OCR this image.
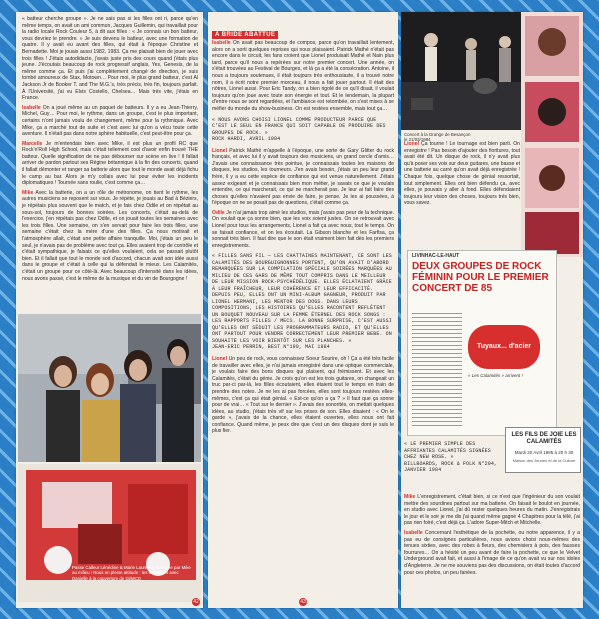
« batteur cherche groupe ». Je ne sais pas si les filles ont ri, parce qu'en même temps, on avait un ami commun, Jacques Guillemin, qui travaillait pour la radio locale Rock Couleur 5, à dit aux filles : « Je connais un bon batteur, vous devriez le prendre. » Je suis devenu le batteur, avec une formation de quatre. Il y avait eu avant des filles, qui était à l'époque Christine et Bernadette. Moi je jouais aussi 1982, 1983. Ça me plaisait bien de jouer avec trois filles ! J'étais autodidacte, j'avais juste pris des cours quand j'étais plus jeune. J'écoutais beaucoup de rock progressif anglais, Yes, Genesis, de la même comme ça. Et puis j'ai complètement changé de direction, je suis tombé amoureux de Stax, Motown… Pour moi, le plus grand batteur, c'est Al Jackson Jr de Booker T. and The M.G.'s, très précis, très fin, toujours parfait. À l'Université, j'ai vu Elvis Costello, Chelsea… Mais très vite, j'étais en France.

Isabelle On a joué même au un paquet de batteurs. Il y a eu Jean-Thierry, Michel, Guy… Pour moi, le rythme, dans un groupe, c'est le plus important, certains n'ont jamais voulu de changement, même pour la rythmique. Avec Mike, ça a marché tout de suite et c'est avec lui qu'on a vécu toute cette aventure. Il n'était pas dans notre sphère habituelle, c'est peut-être pour ça.

Marcelle Je m'entendais bien avec Mike, il est plus un profil RC que Rock'n'Roll High School, mais c'était tellement cool d'avoir enfin trouvé THE batteur. Quelle signification de ne pas débourser sur scène en live ! Il fallait arriver de pardon partout ses Régine britannique à la fin des concerts, quand il fallait démonter et ranger sa batterie alors que tout le monde avait déjà fichu le camp au bar. Alors je m'y collais avec lui pour éviter les incidents diplomatiques ! Tournée sans roulie, c'est comme ça…

Mike Avec la batterie, on a un rôle de métronome, on tient le rythme, les autres musiciens se reposent sur vous. Je répète, je jouais au Bad à Béziers, je répétais plus souvent que le match, et je fais chez Odile et on répétait au sous-sol, toujours de bonnes soirées. Les concerts, c'était au-delà de l'exercice, j'en répétais pas chez Odile, et on jouait toutes les semaines avec les trois filles. Une semaine, on s'en servait pour faire les trois filles, une semaine c'était chez la mère d'une des filles. Ça nous motivait et l'atmosphère allait, c'était une petite affaire tranquille. Moi, j'étais un peu le seul, je n'avais pas de problème avec tout ça. Elles avaient trop de contrôle et c'était sympathique, je faisais ce qu'elles voulaient, cela se passait plutôt bien. Et il fallait que tout le monde soit d'accord, chacun avait son idée aussi dans le groupe et c'était à celle qui la défendait le mieux. Les Calamités, c'était un groupe pour ce côté-là. Avec beaucoup d'intensité dans les idées, nous avons passé, c'est le même de la musique et du vin de Bourgogne !

Passe Calleur Lénédine & Marie Laurence trafiquée par Mike au milieu ! Nous en pleine attitude : les Calamités avec Danielle à la couverture de Di/MCD
42
À BRIDE ABATTUE

Isabelle On avait pas beaucoup de compos, parce qu'on travaillait lentement, alors on a sorti quelques reprises qui nous plaisaient. Patrick Mathé n'était pas encore dans le circuit, les fans croient que Lionel produisait Mathé et Nain plus tard, parce qu'il nous a repérées sur notre premier concert. Une année, on s'était trouvées au Festival de Bourges, et là ça a été la consécration. Antoine, il nous a toujours soutenues, il était toujours très enthousiaste, il a trouvé notre nom, il a écrit notre premier morceau, il nous a fait jouer partout. Il était des nôtres, Lionel aussi. Pour Eric Tandy, on a bien rigolé de ce qu'il disait, il voulait toujours qu'on joue avec toute son énergie et tout. Et le lendemain, la plupart d'entre nous se sont regardées, et l'ambiance est retombée, on s'est mises à se méfier du monde du show-business. On est restées ensemble, mais tout ça…

« NOUS AVONS CHOISI LIONEL COMME PRODUCTEUR PARCE QUE C'EST LE SEUL EN FRANCE QUI SOIT CAPABLE DE PRODUIRE DES GROUPES DE ROCK. »
ROCK HARDI, AVRIL 1984

Lionel Patrick Mathé m'appelle à l'époque, une sorte de Gary Glitter du rock français, et avec lui il y avait toujours des musiciens, un grand cercle d'amis… J'avais une connaissance très pointue, je connaissais toutes les maisons de disques, les studios, les tourneurs. J'en avais besoin, j'étais un peu leur grand frère, il y a eu cette espèce de confiance qui est venue naturellement. J'étais assez exigeant et je connaissais bien mon métier, je savais ce que je voulais entendre, ce qui marcherait, ce qui ne marcherait pas. Je leur ai fait faire des choses qu'elles n'avaient pas envie de faire, je pense. Je les ai poussées, à l'époque on ne se posait pas de questions, c'était comme ça.

Odile Je n'ai jamais trop aimé les studios, mais j'avais pas peur de la technique. On voulait que ça sonne bien, que les voix soient justes. On se retrouvait avec Lionel pour tous les arrangements, Lionel a fait ça avec nous, tout le temps. On se faisait confiance, et on les écoutait. La Gibson blanche et les Farfisa, ça sonnait très bien. Il faut dire que le son était vraiment bien fait dès les premiers enregistrements.

« FILLES SANS FIL — LES CHATTAINES MAINTENANT, CE SONT LES CALAMITÉS DES BOURGUIGNONNES PORTENT, QU'ON AVAIT D'ABORD REMARQUÉES SUR LA COMPILATION SPÉCIALE SOIRÉES MARQUÉES AU MILIEU DE CES GARS DE MÊME TOUT COMPRIS DANS LE MEILLEUR DE LEUR MISSION ROCK-PSYCHÉDÉLIQUE. ELLES ÉCLATAIENT GRÂCE À LEUR FRAÎCHEUR, LEUR COHÉRENCE ET LEUR EFFICACITÉ. DEPUIS PEU, ELLES ONT UN MINI-ALBUM GAGNEUR, PRODUIT PAR LIONEL HERMANI, LES MENTOR DES DOGS. DANS LEURS COMPOSITIONS, LES HISTOIRES QU'ELLES RACONTENT REFLÈTENT UN BOUQUET NOUVEAU SUR LA FEMME ÉTERNEL DES ROCK SONGS : LES RAPPORTS FILLES / MECS. LA BONNE SURPRISE, C'EST AUSSI QU'ELLES ONT SÉDUIT LES PROGRAMMATEURS RADIO, ET QU'ELLES ONT PARTOUT POUR VENDRE CORRECTEMENT LEUR PREMIER BEBE. ON SOUHAITE LES VOIR BIENTÔT SUR LES PLANCHES. »
JEAN-ERIC PERRIN, BEST N°190, MAI 1984

Lionel Un peu de rock, vous connaissez Soeur Sourire, oh ! Ça a été très facile de travailler avec elles, je n'ai jamais enregistré dans une optique commerciale, je voulais faire des bons disques qui plaisent, qui frémissent. Et avec les Calamités, c'était du génie. Je crois qu'on est les trois guitares, on changeait un truc par-ci par-là, les filles écoutaient, elles étaient tout le temps en train de prendre des notes. Je ne les ai pas forcées, elles sont toujours restées elles-mêmes, c'est ça qui était génial. « Est-ce qu'on a ça ? » Il faut que ça sonne pour de vrai… « Tout sur le dernier ». J'avais des sonorités, on mettait quelques idées, au studio, j'étais très vif sur les prises de son. Elles disaient : « On le garde », j'avais de la chance, elles étaient ouvertes, elles nous ont fait confiance. Quand même, je peux dire que c'est un des disques dont je suis le plus fier.

43
Concert à la Grange de Besançon le 21/03/1984

Lionel Ça tourne ! Le tournage est bien parti. On enregistre ! Pas besoin d'ajouter des fioritures, tout avait été dit. Un disque de rock, il n'y avait plus qu'à poser ses voix sur deux guitares, une basse et une batterie au carré qu'on avait déjà enregistrée ! Chaque fois, quelque chose de génial ressortait, tout simplement. Elles ont bien défendu ça, avec elles, je pouvais y aller à fond. Elles défendaient toujours leur vision des choses, toujours très bien, vous savez.

LIVINHAC-LE-HAUT
DEUX GROUPES DE ROCK FÉMININ POUR LE PREMIER CONCERT DE 85
Tuyaux... d'acier
« Les Calamités » arrivent !
LES FILS DE JOIE LES CALAMITÉS
Mardi 20 Avril 1985 à 20 h 30
Maison des Jeunes et de la Culture
« LE PREMIER SIMPLE DES AFFRIANTES CALAMITÉS SIGNÉES CHEZ NEW ROSE. »
BILLBOARDS, ROCK & FOLK N°204, JANVIER 1984

Mike L'enregistrement, c'était bien, si ce n'est que l'ingénieur du son voulait mettre des sourdines partout sur ma batterie. On faisait le boulot en journée, en studio avec Lionel, j'ai dû rester quelques heures du matin. J'enregistrais le jour et le soir je me dis j'ai quand même gagné 4 Chapitres pour la télé, j'ai pas rien foiré, c'est déjà ça. L'adore Super-Mitch et Mitchelle.

Isabelle Concernant l'esthétique de la pochette, ou notre apparence, il y a pas eu de consignes particulières, nous avions choisi nous-mêmes des tenues sixties, avec des robes à fleurs, des chemisiers à pois, des fausses fourrures… On a hésité un peu avant de faire la pochette, ce que le Velvet Underground avait fait, et aussi à l'image de ce qu'on avait vu sur nos idoles d'Angleterre. Je ne me souviens pas des discussions, on était toutes d'accord pour ces photos, un peu fanées.
